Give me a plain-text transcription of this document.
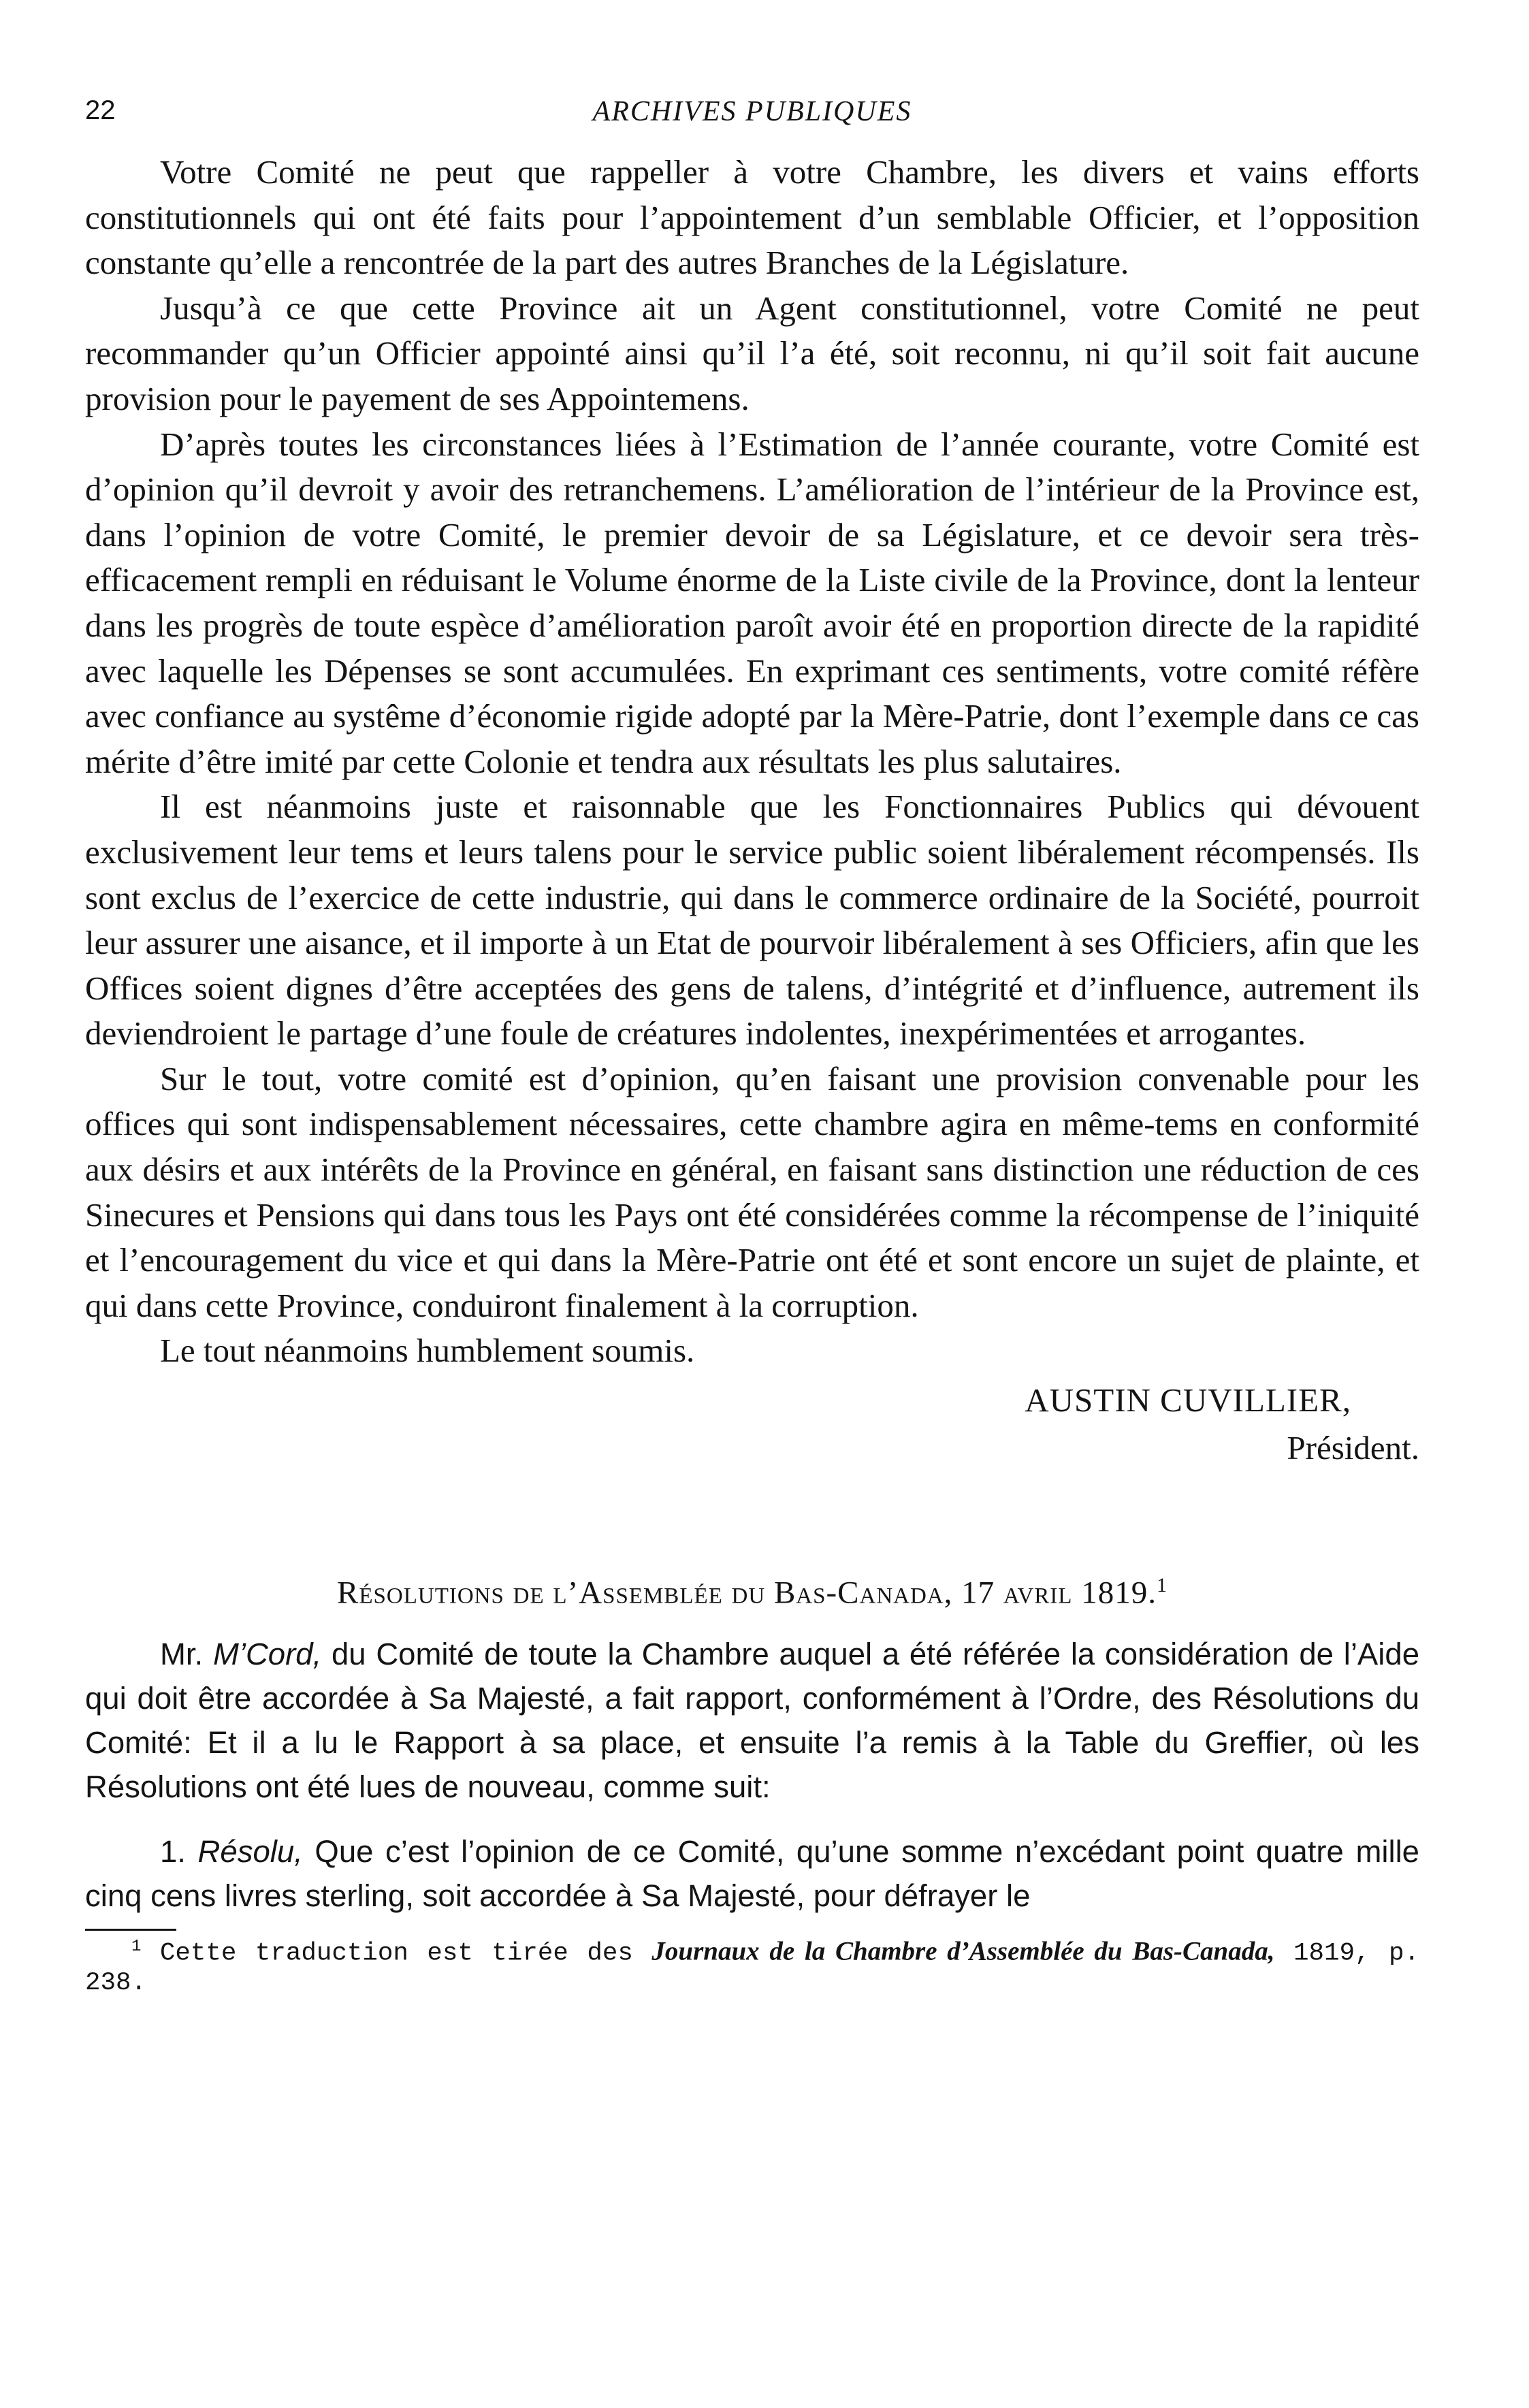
22	ARCHIVES PUBLIQUES

Votre Comité ne peut que rappeller à votre Chambre, les divers et vains efforts constitutionnels qui ont été faits pour l’appointement d’un semblable Officier, et l’opposition constante qu’elle a rencontrée de la part des autres Branches de la Législature.

Jusqu’à ce que cette Province ait un Agent constitutionnel, votre Comité ne peut recommander qu’un Officier appointé ainsi qu’il l’a été, soit reconnu, ni qu’il soit fait aucune provision pour le payement de ses Appointemens.

D’après toutes les circonstances liées à l’Estimation de l’année courante, votre Comité est d’opinion qu’il devroit y avoir des retranchemens. L’amélioration de l’intérieur de la Province est, dans l’opinion de votre Comité, le premier devoir de sa Législature, et ce devoir sera très-efficacement rempli en réduisant le Volume énorme de la Liste civile de la Province, dont la lenteur dans les progrès de toute espèce d’amélioration paroît avoir été en proportion directe de la rapidité avec laquelle les Dépenses se sont accumulées. En exprimant ces sentiments, votre comité réfère avec confiance au systême d’économie rigide adopté par la Mère-Patrie, dont l’exemple dans ce cas mérite d’être imité par cette Colonie et tendra aux résultats les plus salutaires.

Il est néanmoins juste et raisonnable que les Fonctionnaires Publics qui dévouent exclusivement leur tems et leurs talens pour le service public soient libéralement récompensés. Ils sont exclus de l’exercice de cette industrie, qui dans le commerce ordinaire de la Société, pourroit leur assurer une aisance, et il importe à un Etat de pourvoir libéralement à ses Officiers, afin que les Offices soient dignes d’être acceptées des gens de talens, d’intégrité et d’influence, autrement ils deviendroient le partage d’une foule de créatures indolentes, inexpérimentées et arrogantes.

Sur le tout, votre comité est d’opinion, qu’en faisant une provision convenable pour les offices qui sont indispensablement nécessaires, cette chambre agira en même-tems en conformité aux désirs et aux intérêts de la Province en général, en faisant sans distinction une réduction de ces Sinecures et Pensions qui dans tous les Pays ont été considérées comme la récompense de l’iniquité et l’encouragement du vice et qui dans la Mère-Patrie ont été et sont encore un sujet de plainte, et qui dans cette Province, conduiront finalement à la corruption.

Le tout néanmoins humblement soumis.

AUSTIN CUVILLIER,
Président.
Résolutions de l’Assemblée du Bas-Canada, 17 avril 1819.$^1$

Mr. M’Cord, du Comité de toute la Chambre auquel a été référée la considération de l’Aide qui doit être accordée à Sa Majesté, a fait rapport, conformément à l’Ordre, des Résolutions du Comité: Et il a lu le Rapport à sa place, et ensuite l’a remis à la Table du Greffier, où les Résolutions ont été lues de nouveau, comme suit:

1. Résolu, Que c’est l’opinion de ce Comité, qu’une somme n’excédant point quatre mille cinq cens livres sterling, soit accordée à Sa Majesté, pour défrayer le

$^1$ Cette traduction est tirée des Journaux de la Chambre d’Assemblée du Bas-Canada, 1819, p. 238.
